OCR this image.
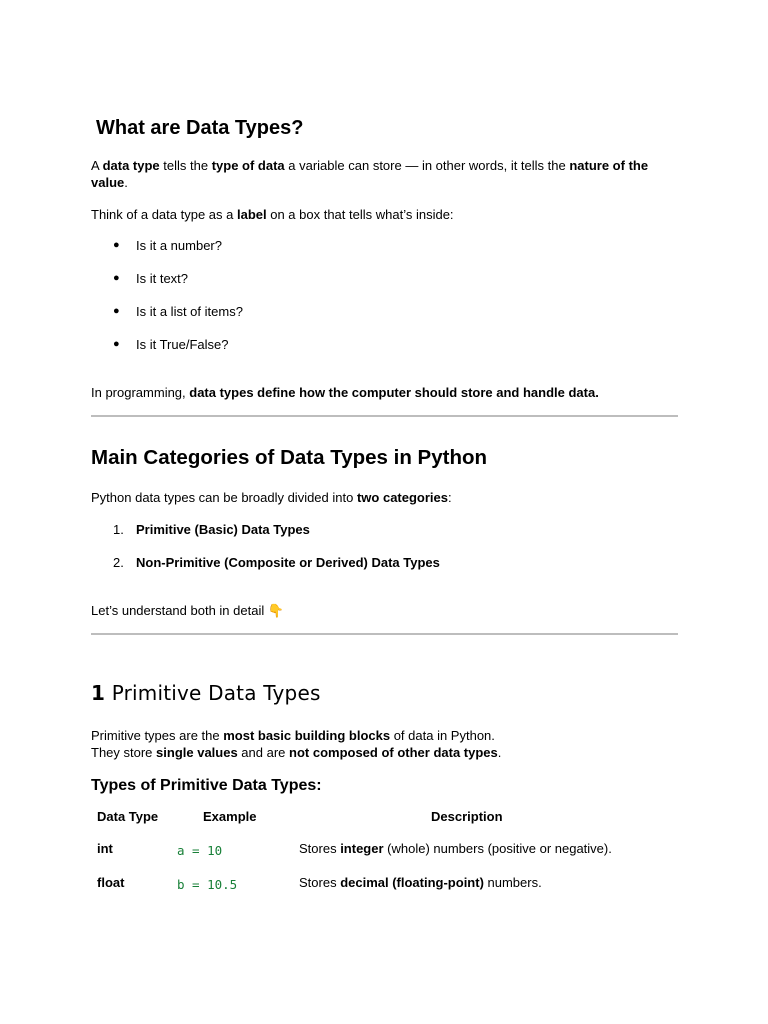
What are Data Types?

A data type tells the type of data a variable can store — in other words, it tells the nature of the value.

Think of a data type as a label on a box that tells what’s inside:

● Is it a number?
● Is it text?
● Is it a list of items?
● Is it True/False?

In programming, data types define how the computer should store and handle data.

Main Categories of Data Types in Python

Python data types can be broadly divided into two categories:

1. Primitive (Basic) Data Types
2. Non-Primitive (Composite or Derived) Data Types

Let’s understand both in detail 👇

1 Primitive Data Types

Primitive types are the most basic building blocks of data in Python.
They store single values and are not composed of other data types.

Types of Primitive Data Types:
Data Type	Example	Description
int	a = 10	Stores integer (whole) numbers (positive or negative).
float	b = 10.5	Stores decimal (floating-point) numbers.
